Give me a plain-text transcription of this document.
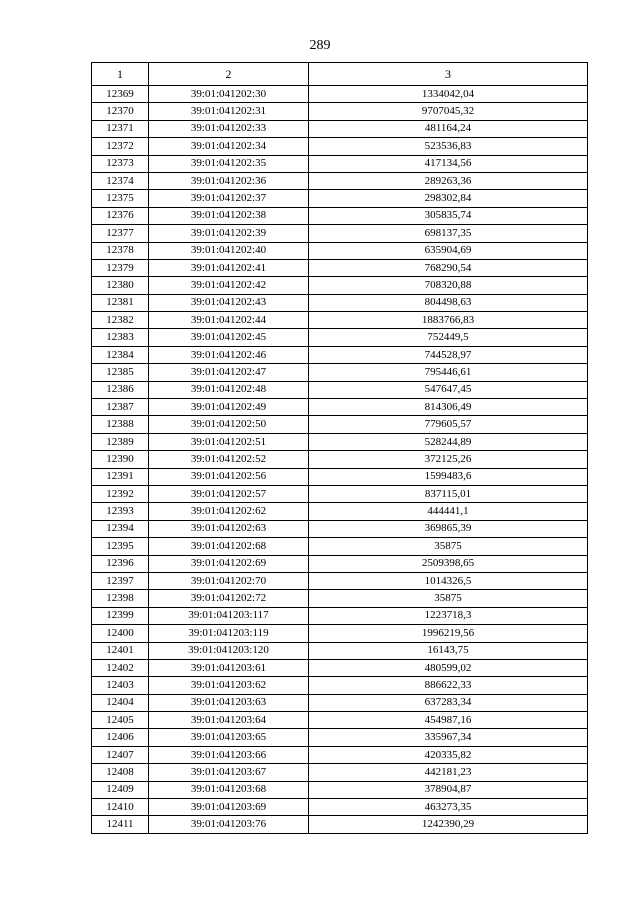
289
1	2	3
12369	39:01:041202:30	1334042,04
12370	39:01:041202:31	9707045,32
12371	39:01:041202:33	481164,24
12372	39:01:041202:34	523536,83
12373	39:01:041202:35	417134,56
12374	39:01:041202:36	289263,36
12375	39:01:041202:37	298302,84
12376	39:01:041202:38	305835,74
12377	39:01:041202:39	698137,35
12378	39:01:041202:40	635904,69
12379	39:01:041202:41	768290,54
12380	39:01:041202:42	708320,88
12381	39:01:041202:43	804498,63
12382	39:01:041202:44	1883766,83
12383	39:01:041202:45	752449,5
12384	39:01:041202:46	744528,97
12385	39:01:041202:47	795446,61
12386	39:01:041202:48	547647,45
12387	39:01:041202:49	814306,49
12388	39:01:041202:50	779605,57
12389	39:01:041202:51	528244,89
12390	39:01:041202:52	372125,26
12391	39:01:041202:56	1599483,6
12392	39:01:041202:57	837115,01
12393	39:01:041202:62	444441,1
12394	39:01:041202:63	369865,39
12395	39:01:041202:68	35875
12396	39:01:041202:69	2509398,65
12397	39:01:041202:70	1014326,5
12398	39:01:041202:72	35875
12399	39:01:041203:117	1223718,3
12400	39:01:041203:119	1996219,56
12401	39:01:041203:120	16143,75
12402	39:01:041203:61	480599,02
12403	39:01:041203:62	886622,33
12404	39:01:041203:63	637283,34
12405	39:01:041203:64	454987,16
12406	39:01:041203:65	335967,34
12407	39:01:041203:66	420335,82
12408	39:01:041203:67	442181,23
12409	39:01:041203:68	378904,87
12410	39:01:041203:69	463273,35
12411	39:01:041203:76	1242390,29
